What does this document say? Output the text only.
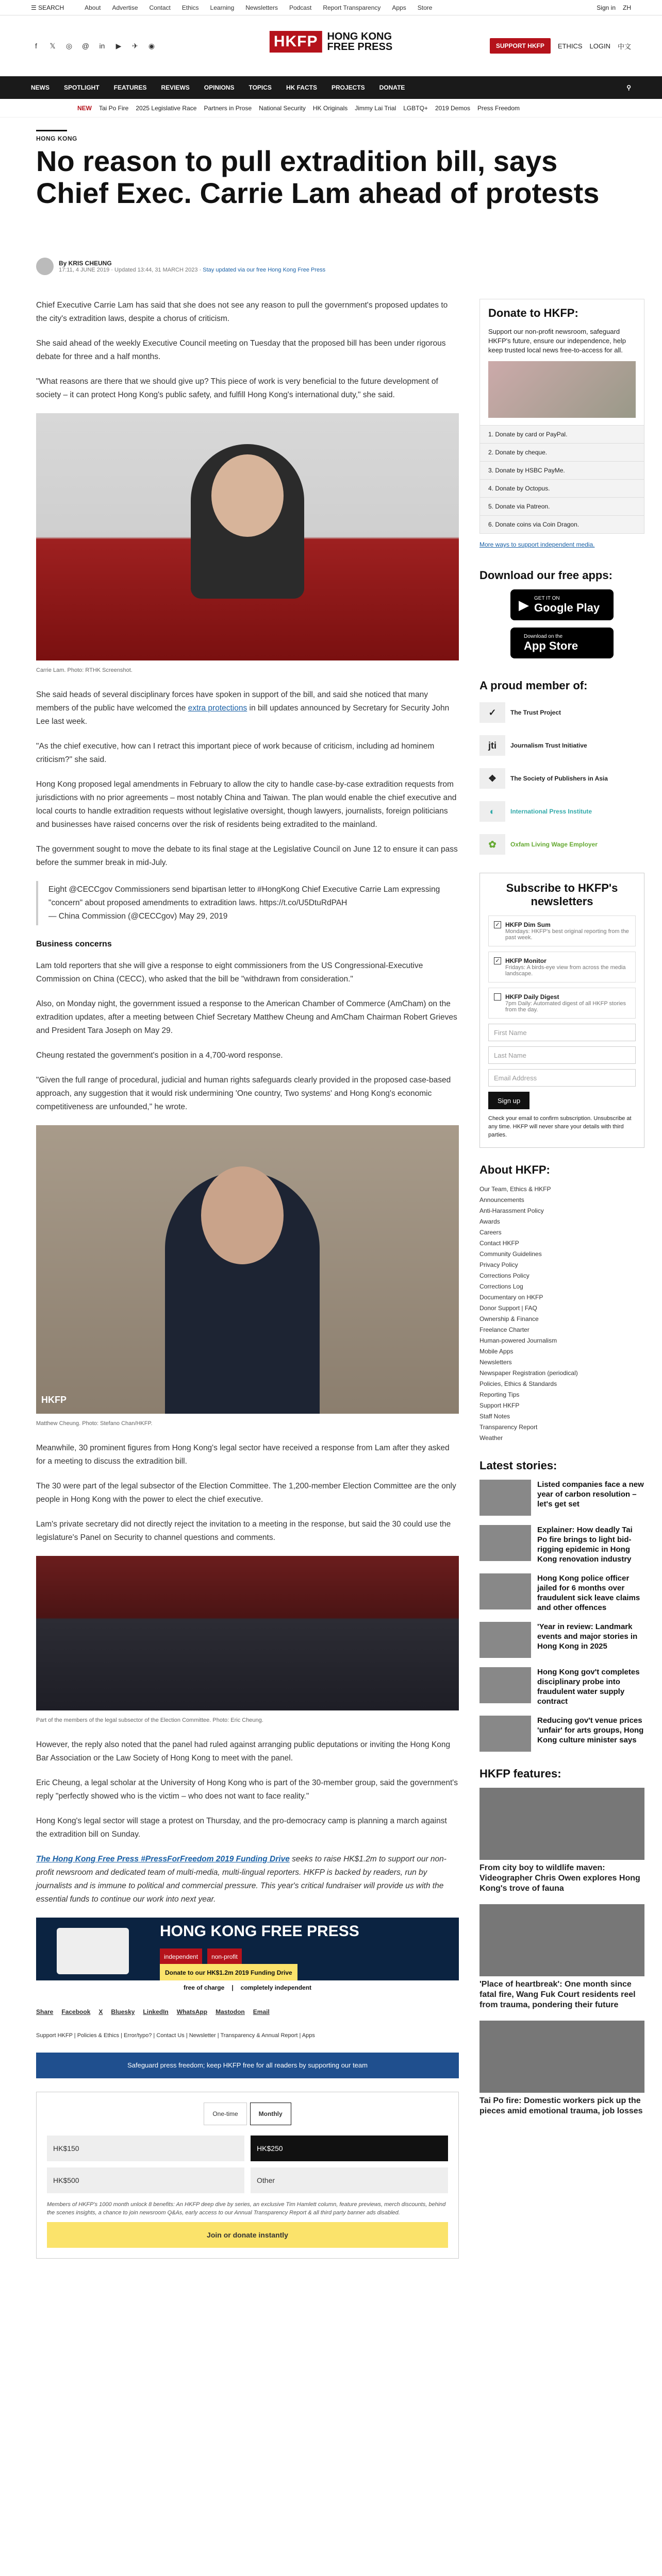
☰ SEARCH	About Advertise Contact Ethics Learning Newsletters Podcast Report Transparency Apps Store	Sign in ZH
f	𝕏	◎ @	in	▶	✈ ◉	HKFP HONG KONG
FREE PRESS	SUPPORT HKFP	ETHICS LOGIN 中文
NEWS SPOTLIGHT FEATURES REVIEWS OPINIONS TOPICS HK FACTS PROJECTS DONATE	⚲
NEW Tai Po Fire 2025 Legislative Race Partners in Prose National Security HK Originals Jimmy Lai Trial LGBTQ+ 2019 Demos Press Freedom
HONG KONG
No reason to pull extradition bill, says Chief Exec. Carrie Lam ahead of protests
By KRIS CHEUNG
17:11, 4 JUNE 2019 · Updated 13:44, 31 MARCH 2023 · Stay updated via our free Hong Kong Free Press

Chief Executive Carrie Lam has said that she does not see any reason to pull the government's proposed updates to the city's extradition laws, despite a chorus of criticism.

She said ahead of the weekly Executive Council meeting on Tuesday that the proposed bill has been under rigorous debate for three and a half months.

"What reasons are there that we should give up? This piece of work is very beneficial to the future development of society – it can protect Hong Kong's public safety, and fulfill Hong Kong's international duty," she said.

Carrie Lam. Photo: RTHK Screenshot.

She said heads of several disciplinary forces have spoken in support of the bill, and said she noticed that many members of the public have welcomed the extra protections in bill updates announced by Secretary for Security John Lee last week.

"As the chief executive, how can I retract this important piece of work because of criticism, including ad hominem criticism?" she said.

Hong Kong proposed legal amendments in February to allow the city to handle case-by-case extradition requests from jurisdictions with no prior agreements – most notably China and Taiwan. The plan would enable the chief executive and local courts to handle extradition requests without legislative oversight, though lawyers, journalists, foreign politicians and businesses have raised concerns over the risk of residents being extradited to the mainland.

The government sought to move the debate to its final stage at the Legislative Council on June 12 to ensure it can pass before the summer break in mid-July.

Eight @CECCgov Commissioners send bipartisan letter to #HongKong Chief Executive Carrie Lam expressing "concern" about proposed amendments to extradition laws. https://t.co/U5DtuRdPAH
— China Commission (@CECCgov) May 29, 2019
Business concerns

Lam told reporters that she will give a response to eight commissioners from the US Congressional-Executive Commission on China (CECC), who asked that the bill be "withdrawn from consideration."

Also, on Monday night, the government issued a response to the American Chamber of Commerce (AmCham) on the extradition updates, after a meeting between Chief Secretary Matthew Cheung and AmCham Chairman Robert Grieves and President Tara Joseph on May 29.

Cheung restated the government's position in a 4,700-word response.

"Given the full range of procedural, judicial and human rights safeguards clearly provided in the proposed case-based approach, any suggestion that it would risk undermining 'One country, Two systems' and Hong Kong's economic competitiveness are unfounded," he wrote.

HKFP
Matthew Cheung. Photo: Stefano Chan/HKFP.

Meanwhile, 30 prominent figures from Hong Kong's legal sector have received a response from Lam after they asked for a meeting to discuss the extradition bill.

The 30 were part of the legal subsector of the Election Committee. The 1,200-member Election Committee are the only people in Hong Kong with the power to elect the chief executive.

Lam's private secretary did not directly reject the invitation to a meeting in the response, but said the 30 could use the legislature's Panel on Security to channel questions and comments.

Part of the members of the legal subsector of the Election Committee. Photo: Eric Cheung.

However, the reply also noted that the panel had ruled against arranging public deputations or inviting the Hong Kong Bar Association or the Law Society of Hong Kong to meet with the panel.

Eric Cheung, a legal scholar at the University of Hong Kong who is part of the 30-member group, said the government's reply "perfectly showed who is the victim – who does not want to face reality."

Hong Kong's legal sector will stage a protest on Thursday, and the pro-democracy camp is planning a march against the extradition bill on Sunday.

The Hong Kong Free Press #PressForFreedom 2019 Funding Drive seeks to raise HK$1.2m to support our non-profit newsroom and dedicated team of multi-media, multi-lingual reporters. HKFP is backed by readers, run by journalists and is immune to political and commercial pressure. This year's critical fundraiser will provide us with the essential funds to continue our work into next year.

HONG KONG FREE PRESS
independent	non-profit
Donate to our HK$1.2m 2019 Funding Drive
free of charge | completely independent
Share Facebook X Bluesky LinkedIn WhatsApp Mastodon Email
Support HKFP | Policies & Ethics | Error/typo? | Contact Us | Newsletter | Transparency & Annual Report | Apps
Safeguard press freedom; keep HKFP free for all readers by supporting our team
One-time	Monthly
HK$150	HK$250
HK$500	Other
Members of HKFP's 1000 month unlock 8 benefits: An HKFP deep dive by series, an exclusive Tim Hamlett column, feature previews, merch discounts, behind the scenes insights, a chance to join newsroom Q&As, early access to our Annual Transparency Report & all third party banner ads disabled.
Join or donate instantly
Donate to HKFP:
Support our non-profit newsroom, safeguard HKFP's future, ensure our independence, help keep trusted local news free-to-access for all.
1. Donate by card or PayPal.
2. Donate by cheque.
3. Donate by HSBC PayMe.
4. Donate by Octopus.
5. Donate via Patreon.
6. Donate coins via Coin Dragon.
More ways to support independent media.
Download our free apps:
▶ GET IT ON
Google Play
Download on the
App Store
A proud member of:
✓	The Trust Project
jti	Journalism Trust Initiative
❖	The Society of Publishers in Asia
◐	International Press Institute
✿	Oxfam Living Wage Employer
Subscribe to HKFP's newsletters
✓ HKFP Dim Sum
Mondays: HKFP's best original reporting from the past week.
✓ HKFP Monitor
Fridays: A birds-eye view from across the media landscape.
HKFP Daily Digest
7pm Daily: Automated digest of all HKFP stories from the day.
First Name
Last Name
Email Address
Sign up
Check your email to confirm subscription. Unsubscribe at any time. HKFP will never share your details with third parties.
About HKFP:
Our Team, Ethics & HKFP
Announcements
Anti-Harassment Policy
Awards
Careers
Contact HKFP
Community Guidelines
Privacy Policy
Corrections Policy
Corrections Log
Documentary on HKFP
Donor Support | FAQ
Ownership & Finance
Freelance Charter
Human-powered Journalism
Mobile Apps
Newsletters
Newspaper Registration (periodical)
Policies, Ethics & Standards
Reporting Tips
Support HKFP
Staff Notes
Transparency Report
Weather
Latest stories:
Listed companies face a new year of carbon resolution – let's get set
Explainer: How deadly Tai Po fire brings to light bid-rigging epidemic in Hong Kong renovation industry
Hong Kong police officer jailed for 6 months over fraudulent sick leave claims and other offences
'Year in review: Landmark events and major stories in Hong Kong in 2025
Hong Kong gov't completes disciplinary probe into fraudulent water supply contract
Reducing gov't venue prices 'unfair' for arts groups, Hong Kong culture minister says
HKFP features:
From city boy to wildlife maven: Videographer Chris Owen explores Hong Kong's trove of fauna
'Place of heartbreak': One month since fatal fire, Wang Fuk Court residents reel from trauma, pondering their future
Tai Po fire: Domestic workers pick up the pieces amid emotional trauma, job losses
